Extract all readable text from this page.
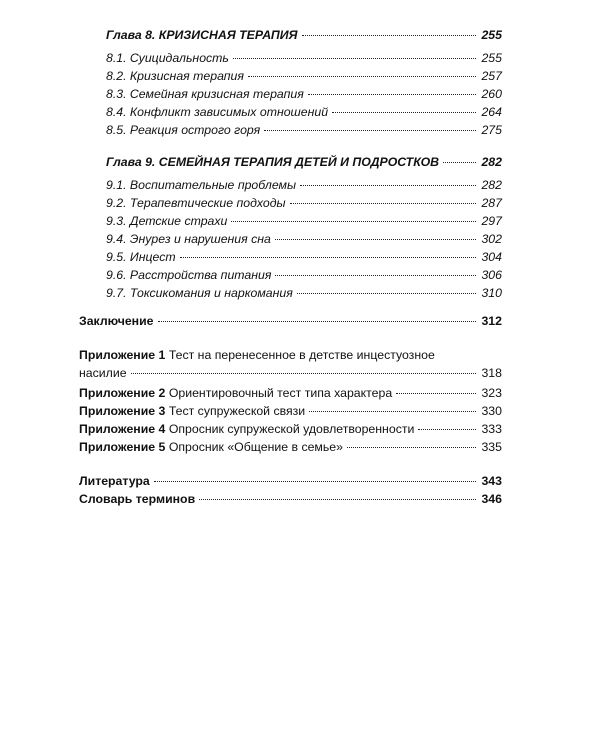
Глава 8. КРИЗИСНАЯ ТЕРАПИЯ	255
8.1. Суицидальность	255
8.2. Кризисная терапия	257
8.3. Семейная кризисная терапия	260
8.4. Конфликт зависимых отношений	264
8.5. Реакция острого горя	275
Глава 9. СЕМЕЙНАЯ ТЕРАПИЯ ДЕТЕЙ И ПОДРОСТКОВ	282
9.1. Воспитательные проблемы	282
9.2. Терапевтические подходы	287
9.3. Детские страхи	297
9.4. Энурез и нарушения сна	302
9.5. Инцест	304
9.6. Расстройства питания	306
9.7. Токсикомания и наркомания	310
Заключение	312
Приложение 1 Тест на перенесенное в детстве инцестуозное
насилие	318
Приложение 2 Ориентировочный тест типа характера	323
Приложение 3 Тест супружеской связи	330
Приложение 4 Опросник супружеской удовлетворенности	333
Приложение 5 Опросник «Общение в семье»	335
Литература	343
Словарь терминов	346
